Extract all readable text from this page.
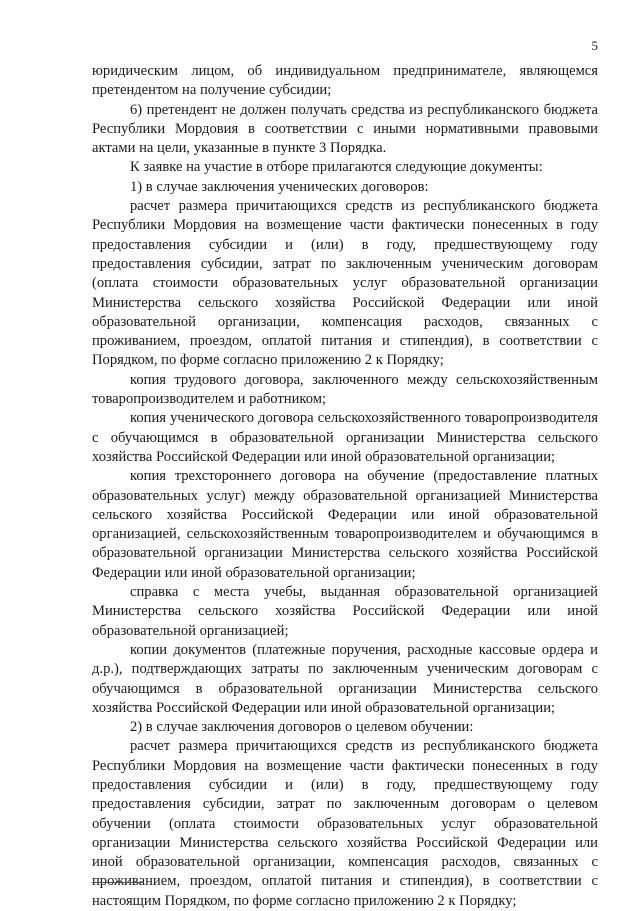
5

юридическим лицом, об индивидуальном предпринимателе, являющемся претендентом на получение субсидии;

6) претендент не должен получать средства из республиканского бюджета Республики Мордовия в соответствии с иными нормативными правовыми актами на цели, указанные в пункте 3 Порядка.

К заявке на участие в отборе прилагаются следующие документы:

1) в случае заключения ученических договоров:

расчет размера причитающихся средств из республиканского бюджета Республики Мордовия на возмещение части фактически понесенных в году предоставления субсидии и (или) в году, предшествующему году предоставления субсидии, затрат по заключенным ученическим договорам (оплата стоимости образовательных услуг образовательной организации Министерства сельского хозяйства Российской Федерации или иной образовательной организации, компенсация расходов, связанных с проживанием, проездом, оплатой питания и стипендия), в соответствии с Порядком, по форме согласно приложению 2 к Порядку;

копия трудового договора, заключенного между сельскохозяйственным товаропроизводителем и работником;

копия ученического договора сельскохозяйственного товаропроизводителя с обучающимся в образовательной организации Министерства сельского хозяйства Российской Федерации или иной образовательной организации;

копия трехстороннего договора на обучение (предоставление платных образовательных услуг) между образовательной организацией Министерства сельского хозяйства Российской Федерации или иной образовательной организацией, сельскохозяйственным товаропроизводителем и обучающимся в образовательной организации Министерства сельского хозяйства Российской Федерации или иной образовательной организации;

справка с места учебы, выданная образовательной организацией Министерства сельского хозяйства Российской Федерации или иной образовательной организацией;

копии документов (платежные поручения, расходные кассовые ордера и д.р.), подтверждающих затраты по заключенным ученическим договорам с обучающимся в образовательной организации Министерства сельского хозяйства Российской Федерации или иной образовательной организации;

2) в случае заключения договоров о целевом обучении:

расчет размера причитающихся средств из республиканского бюджета Республики Мордовия на возмещение части фактически понесенных в году предоставления субсидии и (или) в году, предшествующему году предоставления субсидии, затрат по заключенным договорам о целевом обучении (оплата стоимости образовательных услуг образовательной организации Министерства сельского хозяйства Российской Федерации или иной образовательной организации, компенсация расходов, связанных с проживанием, проездом, оплатой питания и стипендия), в соответствии с настоящим Порядком, по форме согласно приложению 2 к Порядку;
